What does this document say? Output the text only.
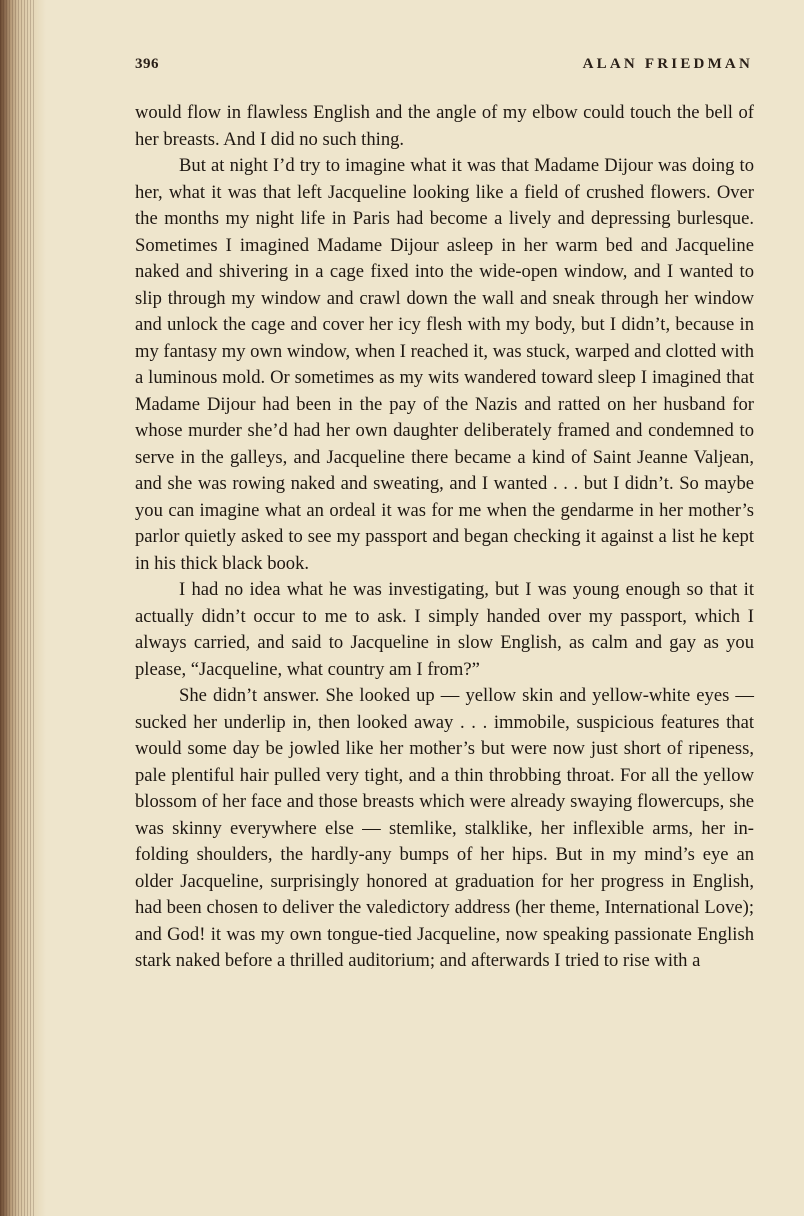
396	ALAN FRIEDMAN

would flow in flawless English and the angle of my elbow could touch the bell of her breasts. And I did no such thing.

But at night I’d try to imagine what it was that Madame Dijour was doing to her, what it was that left Jacqueline looking like a field of crushed flowers. Over the months my night life in Paris had become a lively and depressing burlesque. Sometimes I imagined Madame Dijour asleep in her warm bed and Jacqueline naked and shivering in a cage fixed into the wide-open window, and I wanted to slip through my window and crawl down the wall and sneak through her window and unlock the cage and cover her icy flesh with my body, but I didn’t, because in my fantasy my own window, when I reached it, was stuck, warped and clotted with a luminous mold. Or sometimes as my wits wandered toward sleep I imagined that Madame Dijour had been in the pay of the Nazis and ratted on her husband for whose murder she’d had her own daughter deliberately framed and condemned to serve in the galleys, and Jacqueline there became a kind of Saint Jeanne Valjean, and she was rowing naked and sweating, and I wanted . . . but I didn’t. So maybe you can imagine what an ordeal it was for me when the gendarme in her mother’s parlor quietly asked to see my passport and began checking it against a list he kept in his thick black book.

I had no idea what he was investigating, but I was young enough so that it actually didn’t occur to me to ask. I simply handed over my passport, which I always carried, and said to Jacqueline in slow English, as calm and gay as you please, “Jacqueline, what country am I from?”

She didn’t answer. She looked up — yellow skin and yellow-white eyes — sucked her underlip in, then looked away . . . immobile, suspicious features that would some day be jowled like her mother’s but were now just short of ripeness, pale plentiful hair pulled very tight, and a thin throbbing throat. For all the yellow blossom of her face and those breasts which were already swaying flowercups, she was skinny everywhere else — stemlike, stalklike, her inflexible arms, her in-folding shoulders, the hardly-any bumps of her hips. But in my mind’s eye an older Jacqueline, surprisingly honored at graduation for her progress in English, had been chosen to deliver the valedictory address (her theme, International Love); and God! it was my own tongue-tied Jacqueline, now speaking passionate English stark naked before a thrilled auditorium; and afterwards I tried to rise with a
